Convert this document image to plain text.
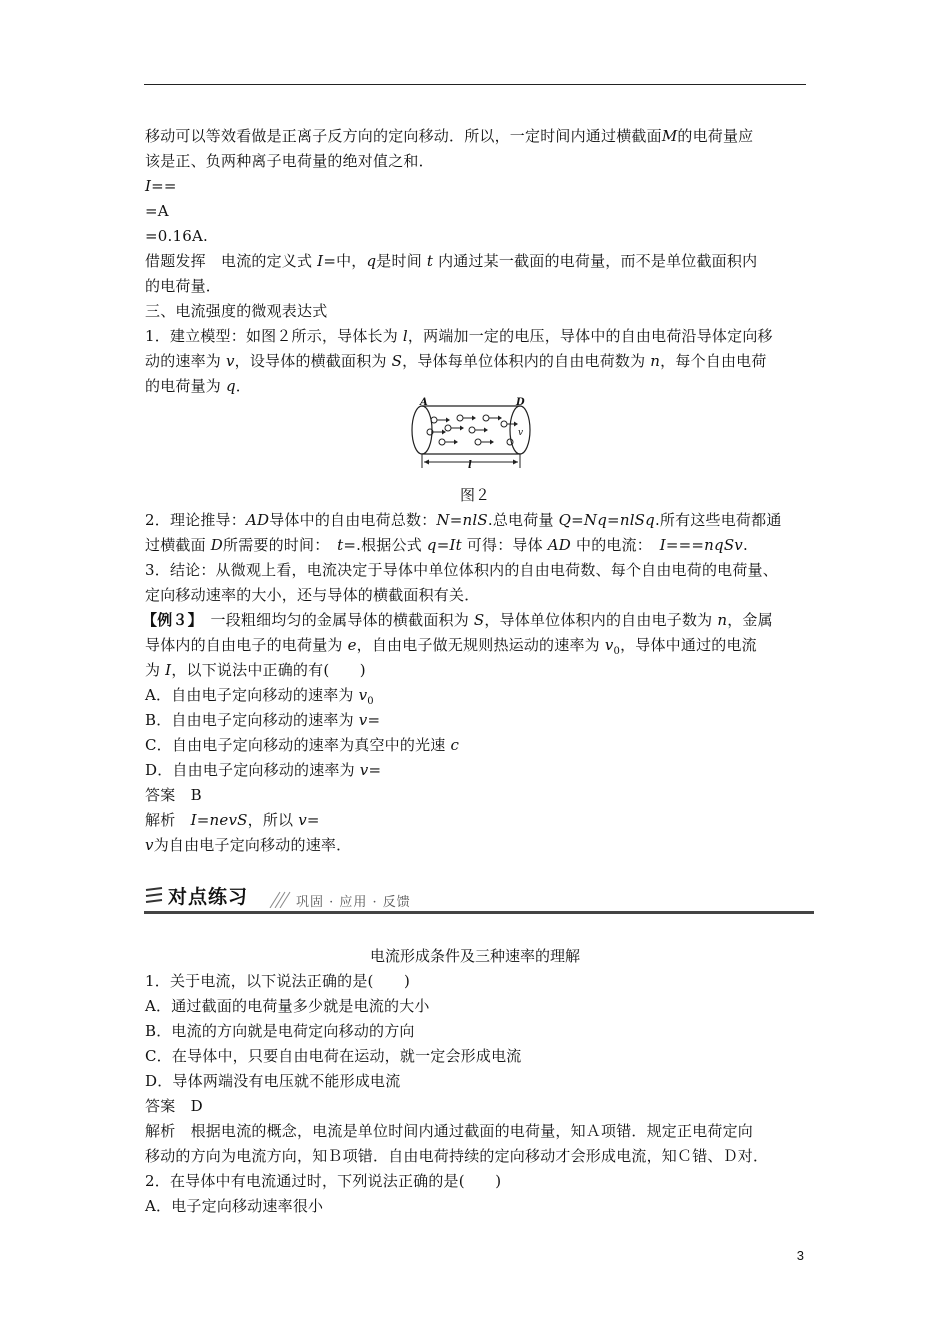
移动可以等效看做是正离子反方向的定向移动．所以，一定时间内通过横截面M的电荷量应
该是正、负两种离子电荷量的绝对值之和．
I==
=A
=0.16A.
借题发挥　电流的定义式 I=中，q是时间 t 内通过某一截面的电荷量，而不是单位截面积内
的电荷量．
三、电流强度的微观表达式
1．建立模型：如图２所示，导体长为 l，两端加一定的电压，导体中的自由电荷沿导体定向移
动的速率为 v，设导体的横截面积为 S，导体每单位体积内的自由电荷数为 n，每个自由电荷
的电荷量为 q．
A	D
v
l
图２
2．理论推导：AD导体中的自由电荷总数：N=nlS.总电荷量 Q=Nq=nlSq.所有这些电荷都通
过横截面 D所需要的时间：　t=.根据公式 q=It 可得：导体 AD 中的电流：　I===nqSv.
3．结论：从微观上看，电流决定于导体中单位体积内的自由电荷数、每个自由电荷的电荷量、
定向移动速率的大小，还与导体的横截面积有关．
【例３】　一段粗细均匀的金属导体的横截面积为 S，导体单位体积内的自由电子数为 n，金属
导体内的自由电子的电荷量为 e，自由电子做无规则热运动的速率为 $v_0$，导体中通过的电流
为 I，以下说法中正确的有(　　)
A．自由电子定向移动的速率为 $v_0$
B．自由电子定向移动的速率为 v=
C．自由电子定向移动的速率为真空中的光速 c
D．自由电子定向移动的速率为 v=
答案　B
解析　I=nevS，所以 v=
v为自由电子定向移动的速率．
对点练习	巩固 · 应用 · 反馈
电流形成条件及三种速率的理解
1．关于电流，以下说法正确的是(　　)
A．通过截面的电荷量多少就是电流的大小
B．电流的方向就是电荷定向移动的方向
C．在导体中，只要自由电荷在运动，就一定会形成电流
D．导体两端没有电压就不能形成电流
答案　D
解析　根据电流的概念，电流是单位时间内通过截面的电荷量，知Ａ项错．规定正电荷定向
移动的方向为电流方向，知Ｂ项错．自由电荷持续的定向移动才会形成电流，知Ｃ错、Ｄ对．
2．在导体中有电流通过时，下列说法正确的是(　　)
A．电子定向移动速率很小
3
